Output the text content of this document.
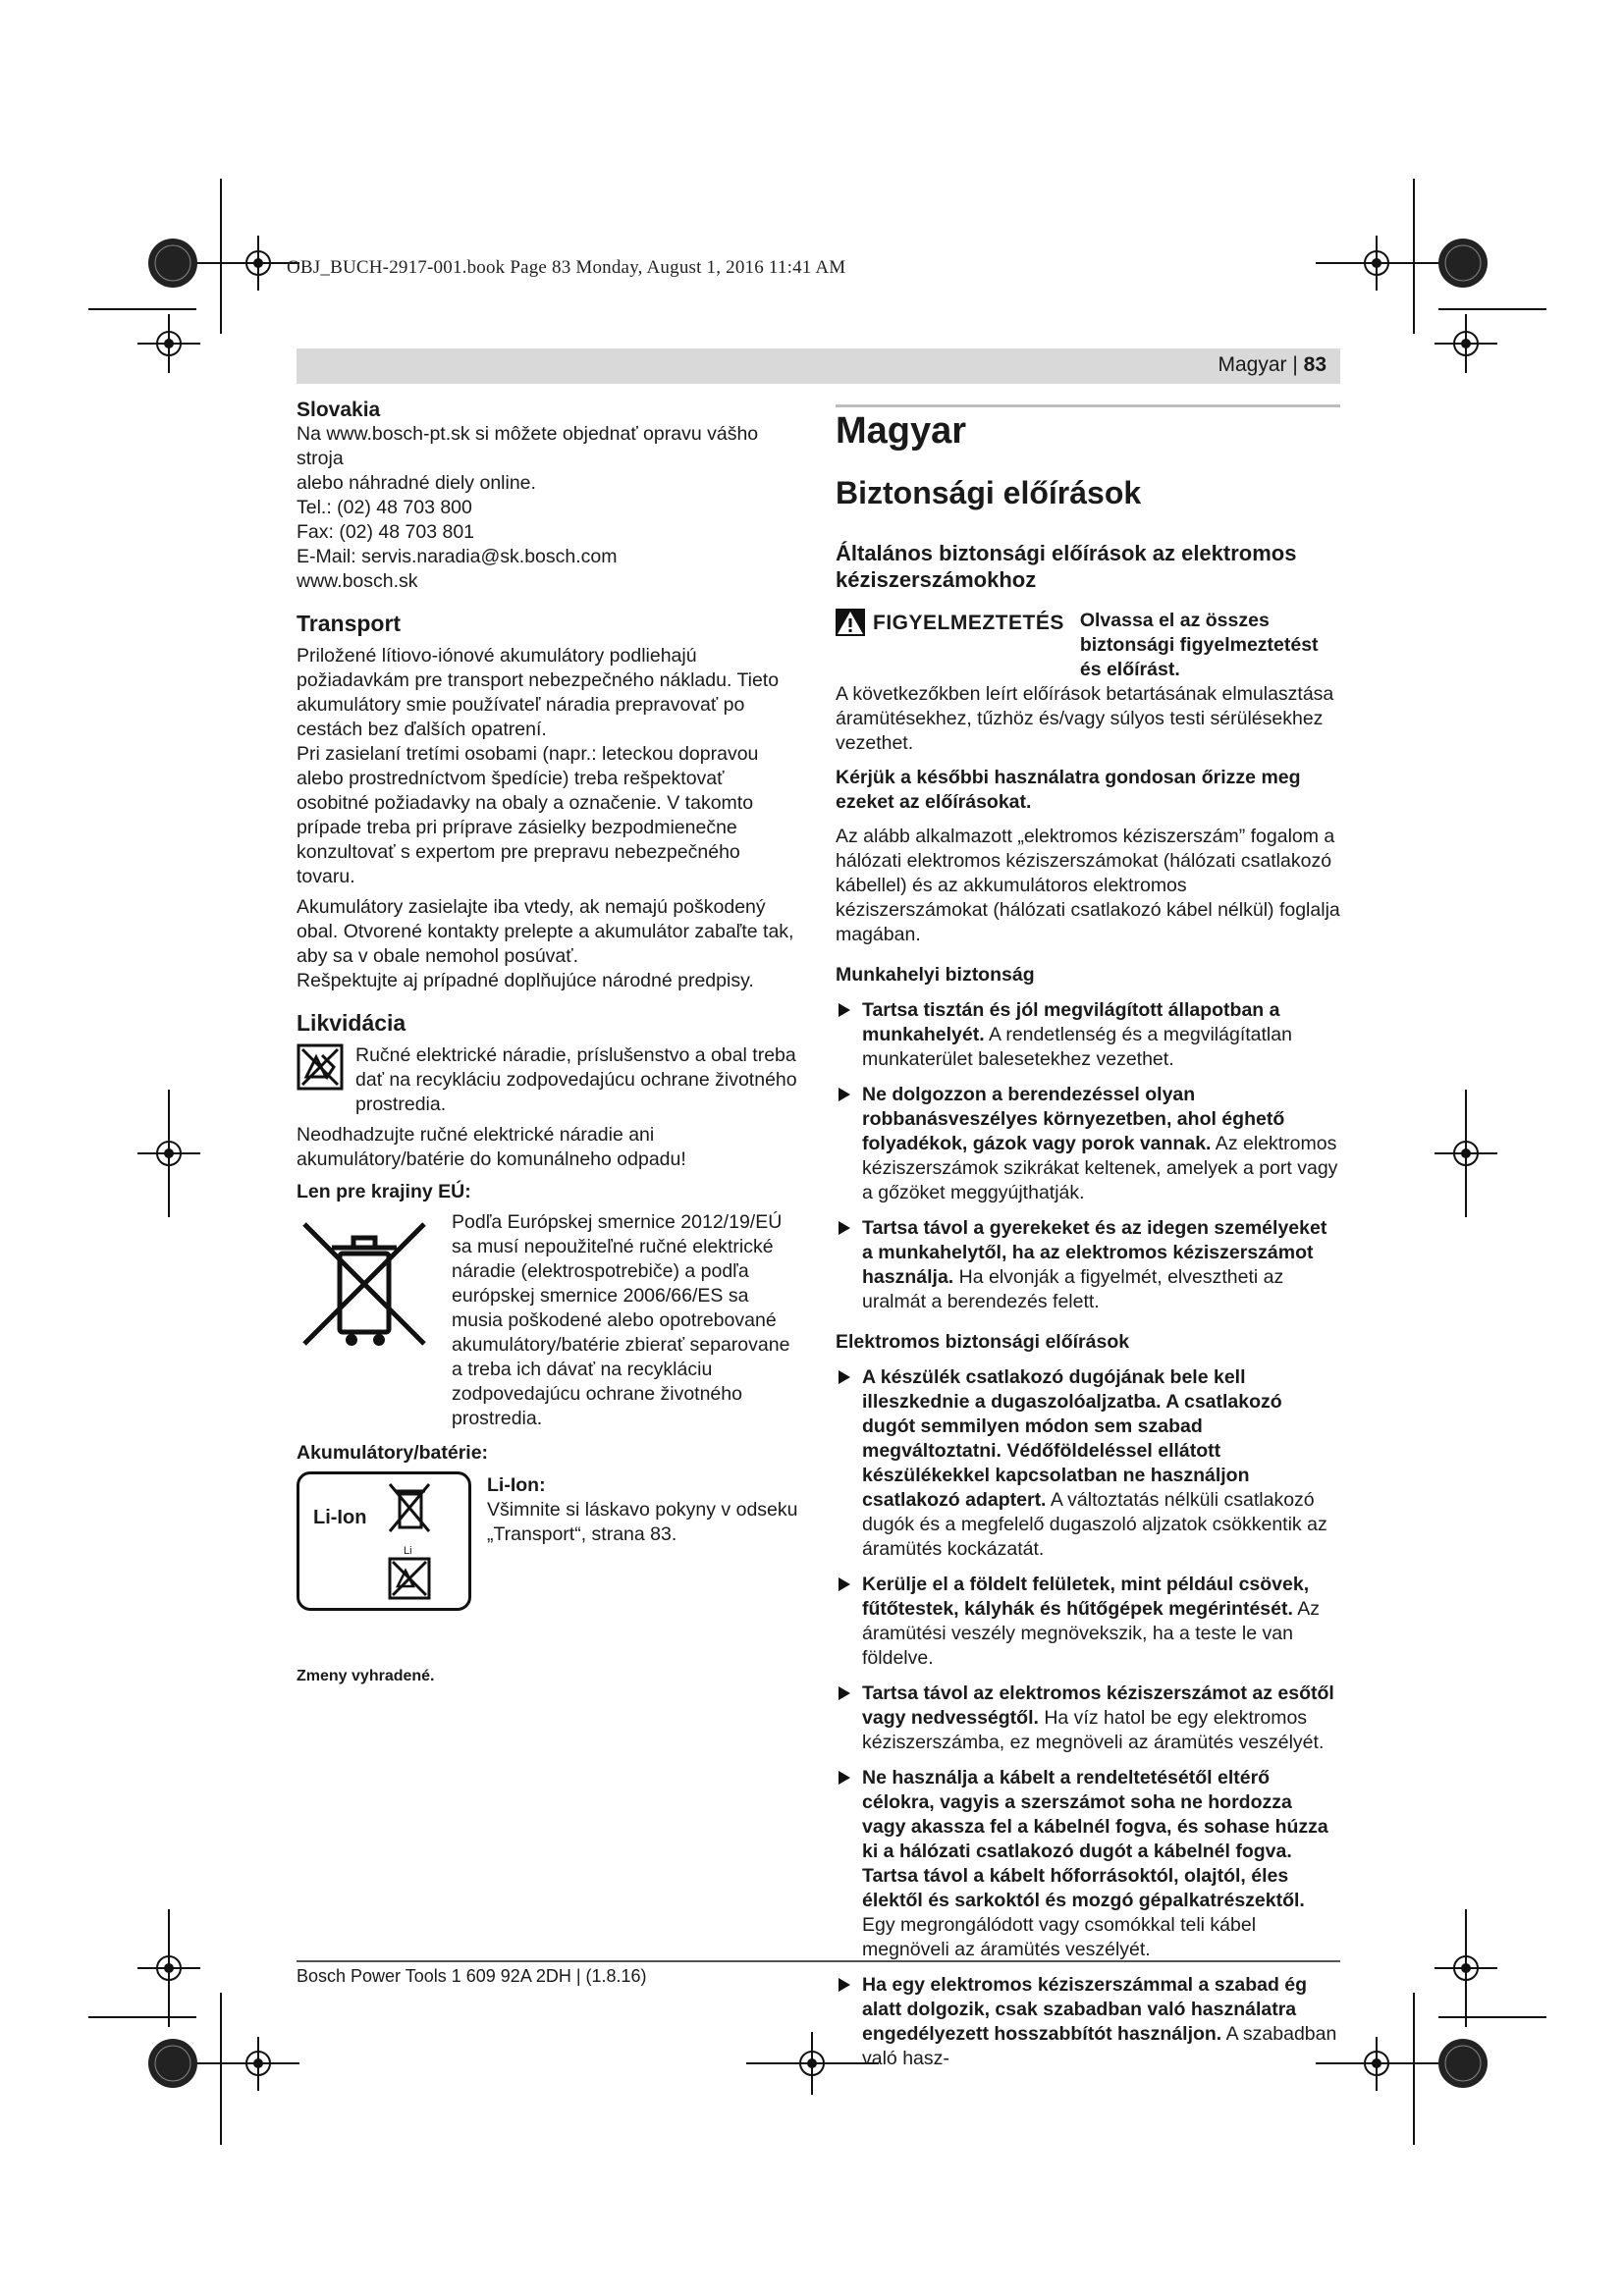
OBJ_BUCH-2917-001.book Page 83 Monday, August 1, 2016 11:41 AM
Magyar | 83
Slovakia

Na www.bosch-pt.sk si môžete objednať opravu vášho stroja

alebo náhradné diely online.

Tel.: (02) 48 703 800

Fax: (02) 48 703 801

E-Mail: servis.naradia@sk.bosch.com

www.bosch.sk

Transport

Priložené lítiovo-iónové akumulátory podliehajú požiadavkám pre transport nebezpečného nákladu. Tieto akumulátory smie používateľ náradia prepravovať po cestách bez ďalších opatrení.

Pri zasielaní tretími osobami (napr.: leteckou dopravou alebo prostredníctvom špedície) treba rešpektovať osobitné požiadavky na obaly a označenie. V takomto prípade treba pri príprave zásielky bezpodmienečne konzultovať s expertom pre prepravu nebezpečného tovaru.

Akumulátory zasielajte iba vtedy, ak nemajú poškodený obal. Otvorené kontakty prelepte a akumulátor zabaľte tak, aby sa v obale nemohol posúvať.

Rešpektujte aj prípadné doplňujúce národné predpisy.

Likvidácia

Ručné elektrické náradie, príslušenstvo a obal treba dať na recykláciu zodpovedajúcu ochrane životného prostredia.

Neodhadzujte ručné elektrické náradie ani akumulátory/batérie do komunálneho odpadu!

Len pre krajiny EÚ:

Podľa Európskej smernice 2012/19/EÚ sa musí nepoužiteľné ručné elektrické náradie (elektrospotrebiče) a podľa európskej smernice 2006/66/ES sa musia poškodené alebo opotrebované akumulátory/batérie zbierať separovane a treba ich dávať na recykláciu zodpovedajúcu ochrane životného prostredia.

Akumulátory/batérie:

Li-Ion
Li

Li-Ion:

Všimnite si láskavo pokyny v odseku „Transport“, strana 83.

Zmeny vyhradené.

Magyar
Biztonsági előírások
Általános biztonsági előírások az elektromos kéziszerszámokhoz
FIGYELMEZTETÉS Olvassa el az összes biztonsági figyelmeztetést és előírást.

A következőkben leírt előírások betartásának elmulasztása áramütésekhez, tűzhöz és/vagy súlyos testi sérülésekhez vezethet.

Kérjük a későbbi használatra gondosan őrizze meg ezeket az előírásokat.

Az alább alkalmazott „elektromos kéziszerszám” fogalom a hálózati elektromos kéziszerszámokat (hálózati csatlakozó kábellel) és az akkumulátoros elektromos kéziszerszámokat (hálózati csatlakozó kábel nélkül) foglalja magában.

Munkahelyi biztonság

Tartsa tisztán és jól megvilágított állapotban a munkahelyét. A rendetlenség és a megvilágítatlan munkaterület balesetekhez vezethet.
Ne dolgozzon a berendezéssel olyan robbanásveszélyes környezetben, ahol éghető folyadékok, gázok vagy porok vannak. Az elektromos kéziszerszámok szikrákat keltenek, amelyek a port vagy a gőzöket meggyújthatják.
Tartsa távol a gyerekeket és az idegen személyeket a munkahelytől, ha az elektromos kéziszerszámot használja. Ha elvonják a figyelmét, elvesztheti az uralmát a berendezés felett.

Elektromos biztonsági előírások

A készülék csatlakozó dugójának bele kell illeszkednie a dugaszolóaljzatba. A csatlakozó dugót semmilyen módon sem szabad megváltoztatni. Védőföldeléssel ellátott készülékekkel kapcsolatban ne használjon csatlakozó adaptert. A változtatás nélküli csatlakozó dugók és a megfelelő dugaszoló aljzatok csökkentik az áramütés kockázatát.
Kerülje el a földelt felületek, mint például csövek, fűtőtestek, kályhák és hűtőgépek megérintését. Az áramütési veszély megnövekszik, ha a teste le van földelve.
Tartsa távol az elektromos kéziszerszámot az esőtől vagy nedvességtől. Ha víz hatol be egy elektromos kéziszerszámba, ez megnöveli az áramütés veszélyét.
Ne használja a kábelt a rendeltetésétől eltérő célokra, vagyis a szerszámot soha ne hordozza vagy akassza fel a kábelnél fogva, és sohase húzza ki a hálózati csatlakozó dugót a kábelnél fogva. Tartsa távol a kábelt hőforrásoktól, olajtól, éles élektől és sarkoktól és mozgó gépalkatrészektől. Egy megrongálódott vagy csomókkal teli kábel megnöveli az áramütés veszélyét.
Ha egy elektromos kéziszerszámmal a szabad ég alatt dolgozik, csak szabadban való használatra engedélyezett hosszabbítót használjon. A szabadban való hasz-
Bosch Power Tools 1 609 92A 2DH | (1.8.16)
